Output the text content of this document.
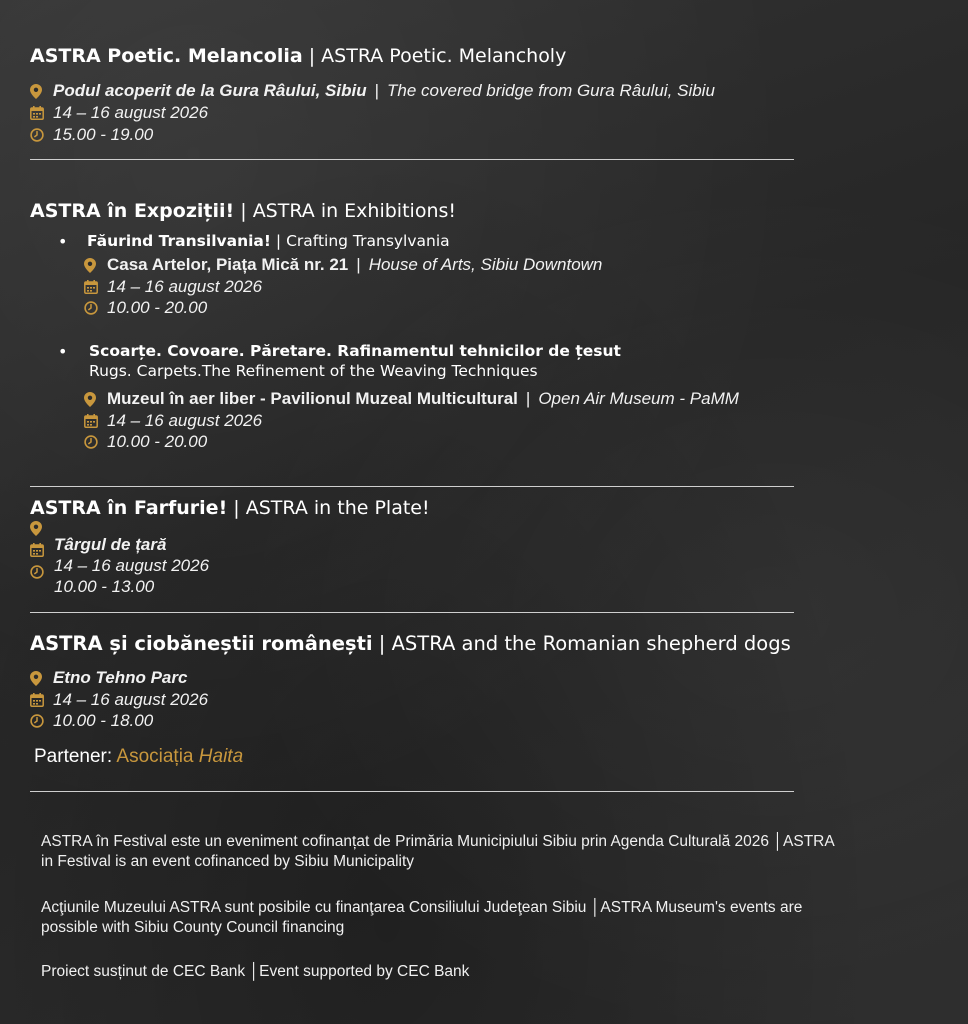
ASTRA Poetic. Melancolia | ASTRA Poetic. Melancholy
Podul acoperit de la Gura Râului, Sibiu | The covered bridge from Gura Râului, Sibiu
14 – 16 august 2026
15.00 - 19.00
ASTRA în Expoziții! | ASTRA in Exhibitions!
• Făurind Transilvania! | Crafting Transylvania
Casa Artelor, Piața Mică nr. 21 | House of Arts, Sibiu Downtown
14 – 16 august 2026
10.00 - 20.00
• Scoarțe. Covoare. Păretare. Rafinamentul tehnicilor de țesut
Rugs. Carpets.The Refinement of the Weaving Techniques
Muzeul în aer liber - Pavilionul Muzeal Multicultural | Open Air Museum - PaMM
14 – 16 august 2026
10.00 - 20.00
ASTRA în Farfurie! | ASTRA in the Plate!
Târgul de țară
14 – 16 august 2026
10.00 - 13.00
ASTRA și ciobăneștii românești | ASTRA and the Romanian shepherd dogs
Etno Tehno Parc
14 – 16 august 2026
10.00 - 18.00
Partener: Asociația Haita
ASTRA în Festival este un eveniment cofinanțat de Primăria Municipiului Sibiu prin Agenda Culturală 2026 │ASTRA in Festival is an event cofinanced by Sibiu Municipality
Acţiunile Muzeului ASTRA sunt posibile cu finanţarea Consiliului Judeţean Sibiu │ASTRA Museum's events are possible with Sibiu County Council financing
Proiect susținut de CEC Bank │Event supported by CEC Bank
